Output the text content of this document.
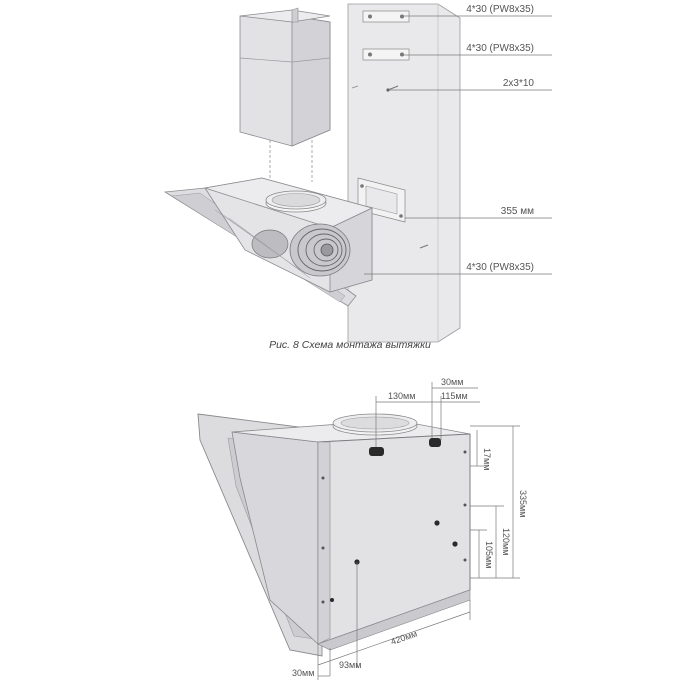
4*30 (PW8x35)
4*30 (PW8x35)
2x3*10
355 мм
4*30 (PW8x35)
Рис. 8 Схема монтажа вытяжки
130мм
30мм
115мм
17мм
335мм
120мм
105мм
30мм
93мм
420мм
